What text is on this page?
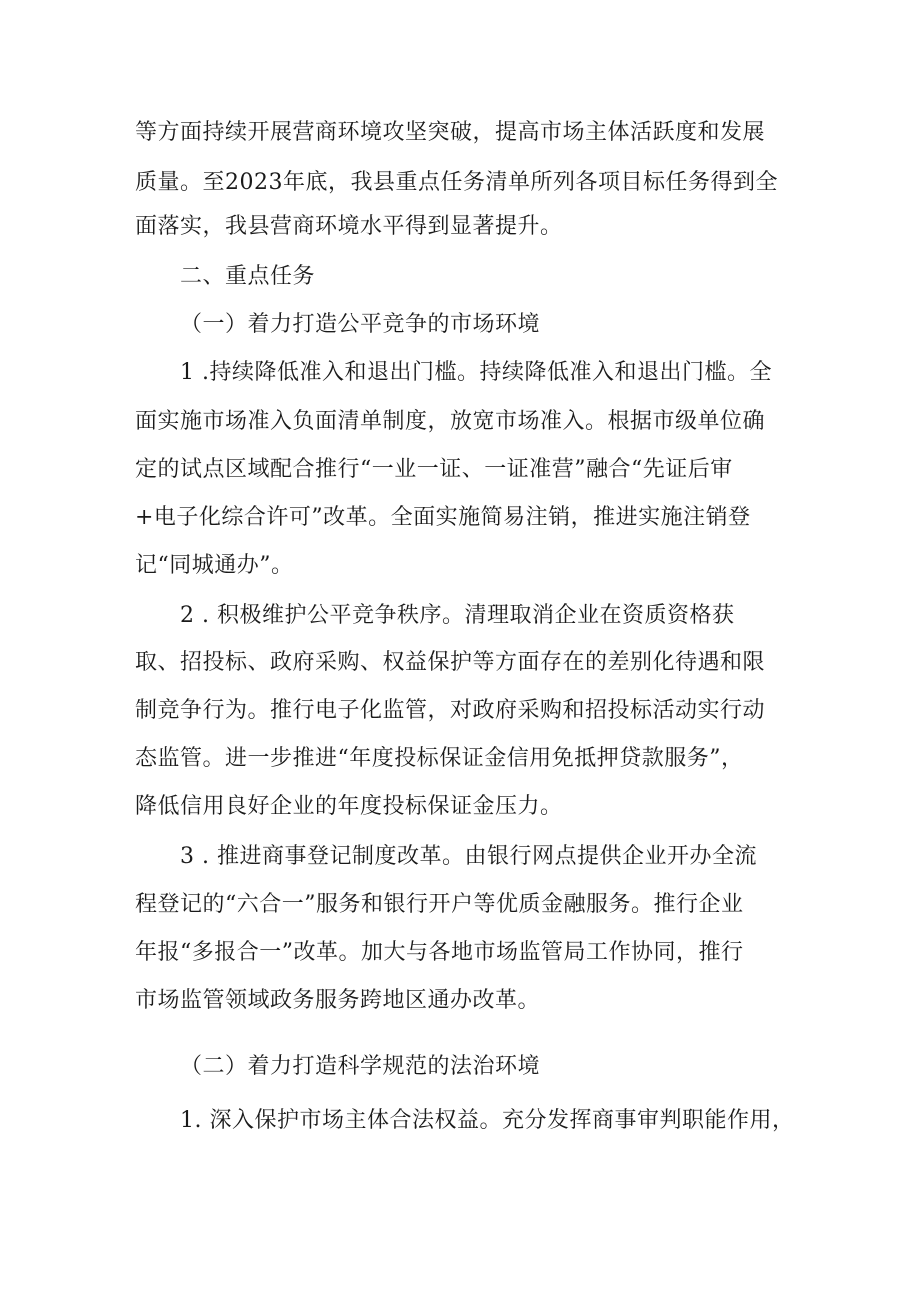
等方面持续开展营商环境攻坚突破，提高市场主体活跃度和发展
质量。至2023年底，我县重点任务清单所列各项目标任务得到全
面落实，我县营商环境水平得到显著提升。
二、重点任务
（一）着力打造公平竞争的市场环境
1 .持续降低准入和退出门槛。持续降低准入和退出门槛。全
面实施市场准入负面清单制度，放宽市场准入。根据市级单位确
定的试点区域配合推行“一业一证、一证准营”融合“先证后审
+电子化综合许可”改革。全面实施简易注销，推进实施注销登
记“同城通办”。
2 . 积极维护公平竞争秩序。清理取消企业在资质资格获
取、招投标、政府采购、权益保护等方面存在的差别化待遇和限
制竞争行为。推行电子化监管，对政府采购和招投标活动实行动
态监管。进一步推进“年度投标保证金信用免抵押贷款服务”，
降低信用良好企业的年度投标保证金压力。
3 . 推进商事登记制度改革。由银行网点提供企业开办全流
程登记的“六合一”服务和银行开户等优质金融服务。推行企业
年报“多报合一”改革。加大与各地市场监管局工作协同，推行
市场监管领域政务服务跨地区通办改革。
（二）着力打造科学规范的法治环境
1. 深入保护市场主体合法权益。充分发挥商事审判职能作用，
